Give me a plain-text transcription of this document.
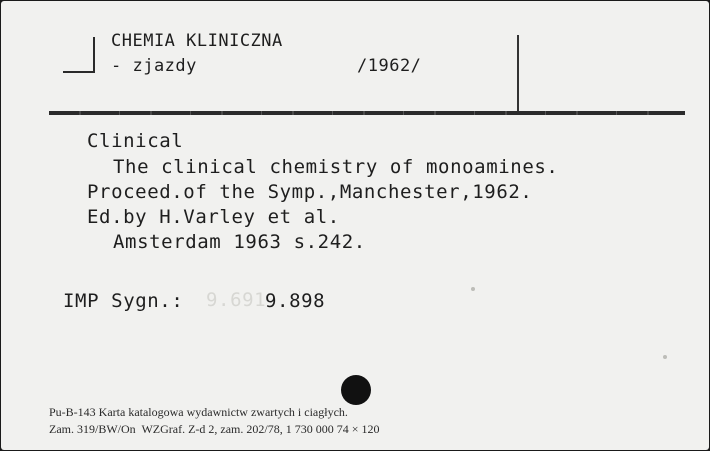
CHEMIA KLINICZNA
- zjazdy	/1962/
Clinical
The clinical chemistry of monoamines.
Proceed.of the Symp.,Manchester,1962.
Ed.by H.Varley et al.
Amsterdam 1963 s.242.
IMP Sygn.: 9.691
9.898
Pu-B-143 Karta katalogowa wydawnictw zwartych i ciagłych.
Zam. 319/BW/On  WZGraf. Z-d 2, zam. 202/78, 1 730 000 74 × 120
